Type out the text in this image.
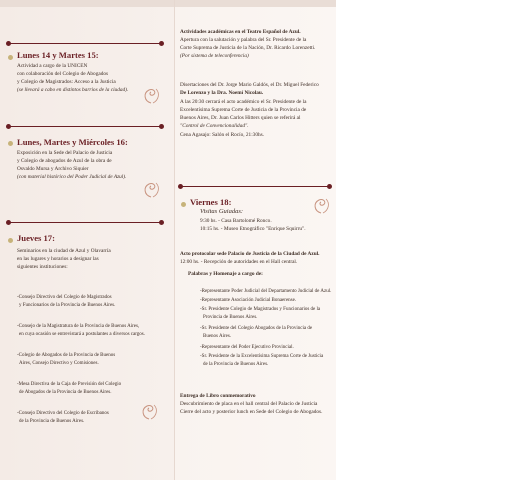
Lunes 14 y Martes 15:
Actividad a cargo de la UNICEN
con colaboración del Colegio de Abogados
y Colegio de Magistrados: Acceso a la Justicia
(se llevará a cabo en distintos barrios de la ciudad).
Lunes, Martes y Miércoles 16:
Exposición en la Sede del Palacio de Justicia
y Colegio de abogados de Azul de la obra de
Osvaldo Mursa y Archivo Siquier
(con material histórico del Poder Judicial de Azul).
Jueves 17:
Seminarios en la ciudad de Azul y Olavarría
en las lugares y horarios a designar las
siguientes instituciones:
-Consejo Directivo del Colegio de Magistrados
y Funcionarios de la Provincia de Buenos Aires.
-Consejo de la Magistratura de la Provincia de Buenos Aires,
en cuya ocasión se entrevistará a postulantes a diversos cargos.
-Colegio de Abogados de la Provincia de Buenos
Aires, Consejo Directivo y Comisiones.
-Mesa Directiva de la Caja de Previsión del Colegio
de Abogados de la Provincia de Buenos Aires.
-Consejo Directivo del Colegio de Escribanos
de la Provincia de Buenos Aires.
Actividades académicas en el Teatro Español de Azul.
Apertura con la salutación y palabra del Sr. Presidente de la
Corte Suprema de Justicia de la Nación, Dr. Ricardo Lorenzetti.
(Por sistema de teleconferencia)
Disertaciones del Dr. Jorge Mario Galdós, el Dr. Miguel Federico
De Lorenzo y la Dra. Noemí Nicolau.
A las 20:30 cerrará el acto académico el Sr. Presidente de la
Excelentísima Suprema Corte de Justicia de la Provincia de
Buenos Aires, Dr. Juan Carlos Hitters quien se referirá al
"Control de Convencionalidad".
Cena Agasajo: Salón el Rocío, 21:30hs.
Viernes 18:
Visitas Guiadas:
9:30 hs. - Casa Bartolomé Ronco.
10:15 hs. - Museo Etnográfico "Enrique Squirru".
Acto protocolar sede Palacio de Justicia de la Ciudad de Azul.
12:00 hs. - Recepción de autoridades en el Hall central.
Palabras y Homenaje a cargo de:
-Representante Poder Judicial del Departamento Judicial de Azul.
-Representante Asociación Judicial Bonaerense.
-Sr. Presidente Colegio de Magistrados y Funcionarios de la
Provincia de Buenos Aires.
-Sr. Presidente del Colegio Abogados de la Provincia de
Buenos Aires.
-Representante del Poder Ejecutivo Provincial.
-Sr. Presidente de la Excelentísima Suprema Corte de Justicia
de la Provincia de Buenos Aires.
Entrega de Libro conmemorativo
Descubrimiento de placa en el hall central del Palacio de Justicia
Cierre del acto y posterior lunch en Sede del Colegio de Abogados.
